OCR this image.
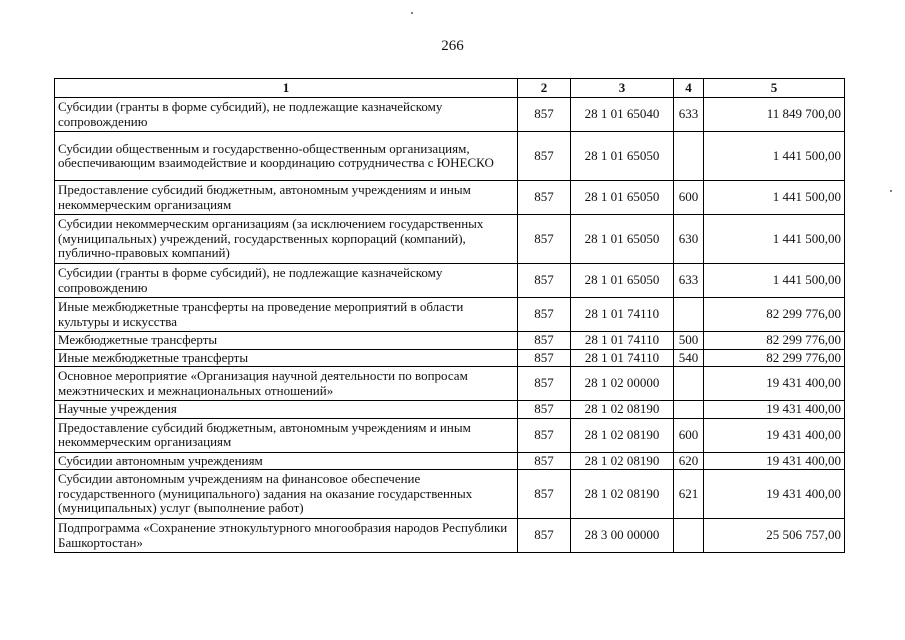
266
1	2	3	4	5
Субсидии (гранты в форме субсидий), не подлежащие казначейскому сопровождению	857	28 1 01 65040	633	11 849 700,00
Субсидии общественным и государственно-общественным организациям, обеспечивающим взаимодействие и координацию сотрудничества с ЮНЕСКО	857	28 1 01 65050		1 441 500,00
Предоставление субсидий бюджетным, автономным учреждениям и иным некоммерческим организациям	857	28 1 01 65050	600	1 441 500,00
Субсидии некоммерческим организациям (за исключением государственных (муниципальных) учреждений, государственных корпораций (компаний), публично-правовых компаний)	857	28 1 01 65050	630	1 441 500,00
Субсидии (гранты в форме субсидий), не подлежащие казначейскому сопровождению	857	28 1 01 65050	633	1 441 500,00
Иные межбюджетные трансферты на проведение мероприятий в области культуры и искусства	857	28 1 01 74110		82 299 776,00
Межбюджетные трансферты	857	28 1 01 74110	500	82 299 776,00
Иные межбюджетные трансферты	857	28 1 01 74110	540	82 299 776,00
Основное мероприятие «Организация научной деятельности по вопросам межэтнических и межнациональных отношений»	857	28 1 02 00000		19 431 400,00
Научные учреждения	857	28 1 02 08190		19 431 400,00
Предоставление субсидий бюджетным, автономным учреждениям и иным некоммерческим организациям	857	28 1 02 08190	600	19 431 400,00
Субсидии автономным учреждениям	857	28 1 02 08190	620	19 431 400,00
Субсидии автономным учреждениям на финансовое обеспечение государственного (муниципального) задания на оказание государственных (муниципальных) услуг (выполнение работ)	857	28 1 02 08190	621	19 431 400,00
Подпрограмма «Сохранение этнокультурного многообразия народов Республики Башкортостан»	857	28 3 00 00000		25 506 757,00
